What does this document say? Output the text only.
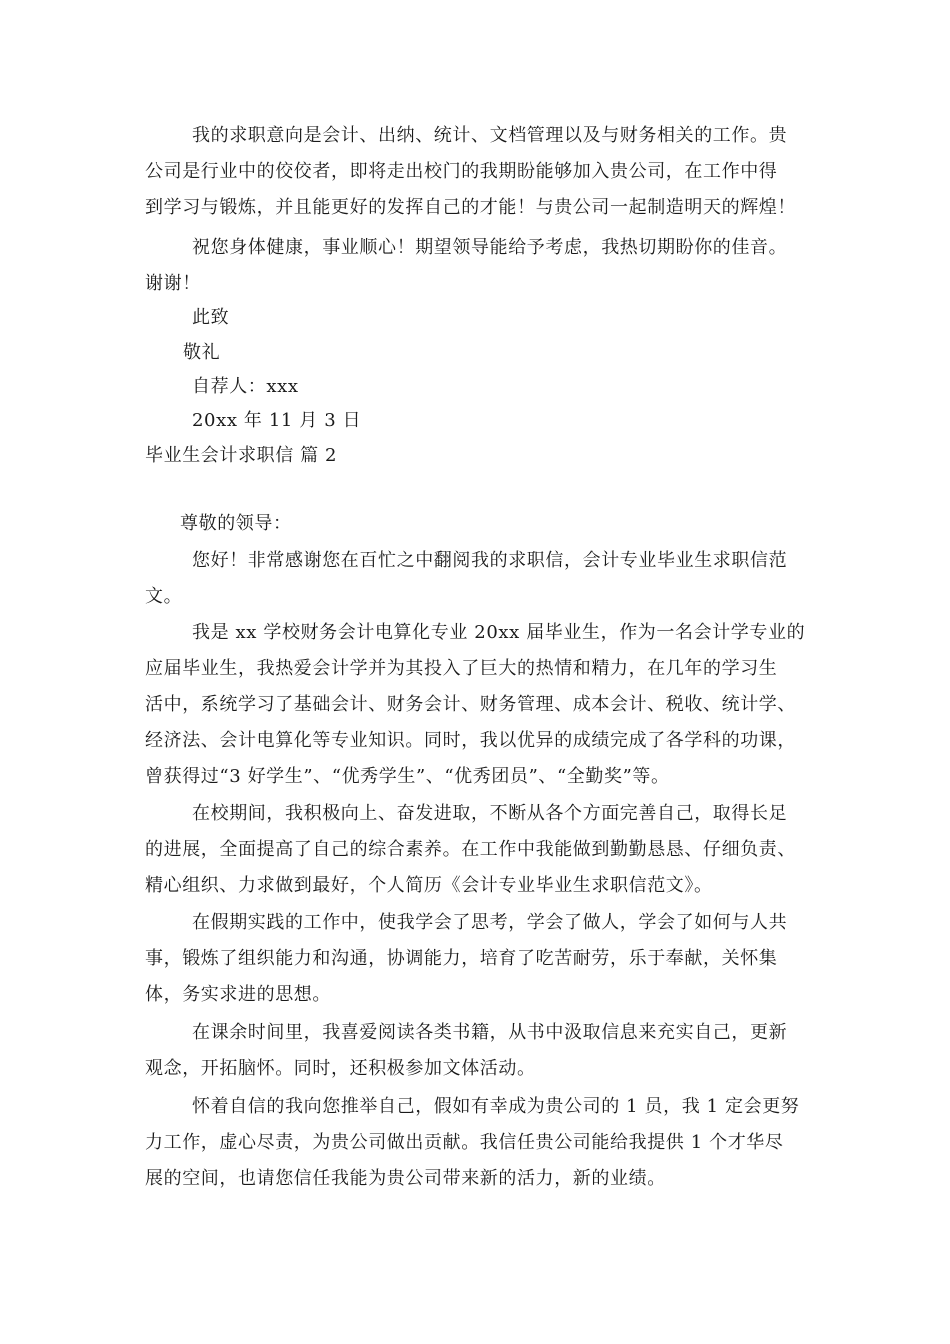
我的求职意向是会计、出纳、统计、文档管理以及与财务相关的工作。贵
公司是行业中的佼佼者，即将走出校门的我期盼能够加入贵公司，在工作中得
到学习与锻炼，并且能更好的发挥自己的才能！与贵公司一起制造明天的辉煌！
祝您身体健康，事业顺心！期望领导能给予考虑，我热切期盼你的佳音。
谢谢！
此致
敬礼
自荐人：xxx
20xx 年 11 月 3 日
毕业生会计求职信 篇 2
尊敬的领导：
您好！非常感谢您在百忙之中翻阅我的求职信，会计专业毕业生求职信范
文。
我是 xx 学校财务会计电算化专业 20xx 届毕业生，作为一名会计学专业的
应届毕业生，我热爱会计学并为其投入了巨大的热情和精力，在几年的学习生
活中，系统学习了基础会计、财务会计、财务管理、成本会计、税收、统计学、
经济法、会计电算化等专业知识。同时，我以优异的成绩完成了各学科的功课，
曾获得过“3 好学生”、“优秀学生”、“优秀团员”、“全勤奖”等。
在校期间，我积极向上、奋发进取，不断从各个方面完善自己，取得长足
的进展，全面提高了自己的综合素养。在工作中我能做到勤勤恳恳、仔细负责、
精心组织、力求做到最好，个人简历《会计专业毕业生求职信范文》。
在假期实践的工作中，使我学会了思考，学会了做人，学会了如何与人共
事，锻炼了组织能力和沟通，协调能力，培育了吃苦耐劳，乐于奉献，关怀集
体，务实求进的思想。
在课余时间里，我喜爱阅读各类书籍，从书中汲取信息来充实自己，更新
观念，开拓脑怀。同时，还积极参加文体活动。
怀着自信的我向您推举自己，假如有幸成为贵公司的 1 员，我 1 定会更努
力工作，虚心尽责，为贵公司做出贡献。我信任贵公司能给我提供 1 个才华尽
展的空间，也请您信任我能为贵公司带来新的活力，新的业绩。
